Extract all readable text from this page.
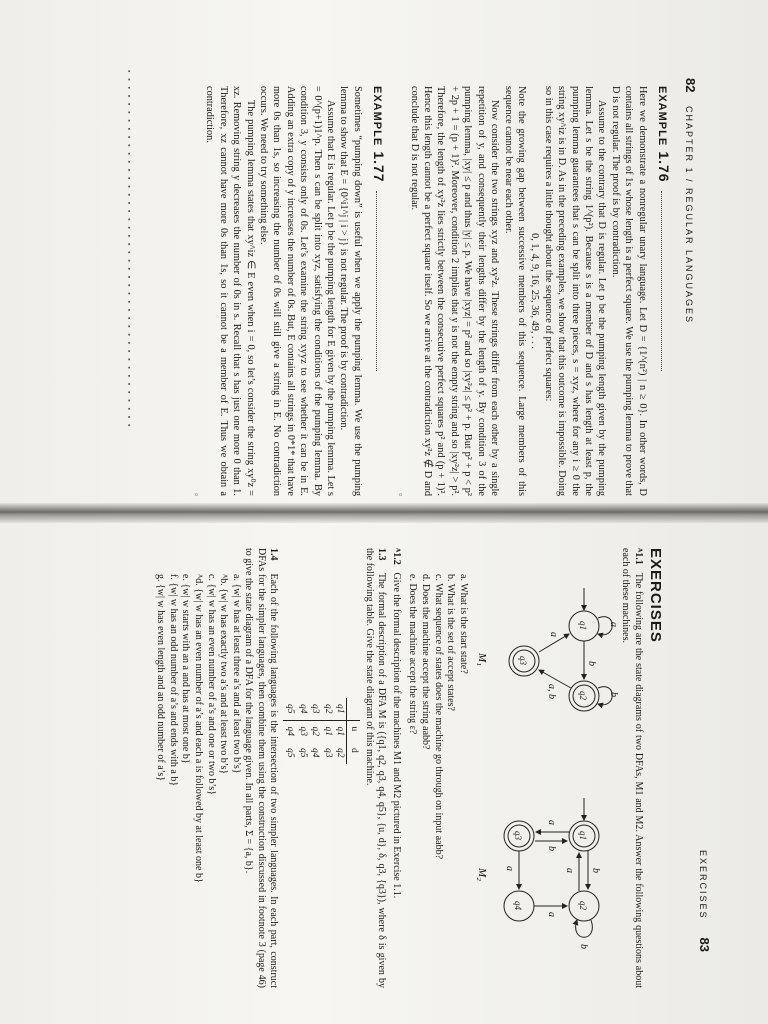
82   CHAPTER 1 / REGULAR LANGUAGES
EXAMPLE  1.76

Here we demonstrate a nonregular unary language. Let D = {1^(n²) | n ≥ 0}. In other words, D contains all strings of 1s whose length is a perfect square. We use the pumping lemma to prove that D is not regular. The proof is by contradiction.

Assume to the contrary that D is regular. Let p be the pumping length given by the pumping lemma. Let s be the string 1^(p²). Because s is a member of D and s has length at least p, the pumping lemma guarantees that s can be split into three pieces, s = xyz, where for any i ≥ 0 the string xy^iz is in D. As in the preceding examples, we show that this outcome is impossible. Doing so in this case requires a little thought about the sequence of perfect squares:

0, 1, 4, 9, 16, 25, 36, 49, . . .

Note the growing gap between successive members of this sequence. Large members of this sequence cannot be near each other.

Now consider the two strings xyz and xy²z. These strings differ from each other by a single repetition of y, and consequently their lengths differ by the length of y. By condition 3 of the pumping lemma, |xy| ≤ p and thus |y| ≤ p. We have |xyz| = p² and so |xy²z| ≤ p² + p. But p² + p < p² + 2p + 1 = (p + 1)². Moreover, condition 2 implies that y is not the empty string and so |xy²z| > p². Therefore, the length of xy²z lies strictly between the consecutive perfect squares p² and (p + 1)². Hence this length cannot be a perfect square itself. So we arrive at the contradiction xy²z ∉ D and conclude that D is not regular.

▫
EXAMPLE  1.77

Sometimes “pumping down” is useful when we apply the pumping lemma. We use the pumping lemma to show that E = {0^i1^j | i > j} is not regular. The proof is by contradiction.

Assume that E is regular. Let p be the pumping length for E given by the pumping lemma. Let s = 0^(p+1)1^p. Then s can be split into xyz, satisfying the conditions of the pumping lemma. By condition 3, y consists only of 0s. Let’s examine the string xyyz to see whether it can be in E. Adding an extra copy of y increases the number of 0s. But, E contains all strings in 0*1* that have more 0s than 1s, so increasing the number of 0s will still give a string in E. No contradiction occurs. We need to try something else.

The pumping lemma states that xy^iz ∈ E even when i = 0, so let’s consider the string xy⁰z = xz. Removing string y decreases the number of 0s in s. Recall that s has just one more 0 than 1. Therefore, xz cannot have more 0s than 1s, so it cannot be a member of E. Thus we obtain a contradiction.

▫
▪ ▪ ▪ ▪ ▪ ▪ ▪ ▪ ▪ ▪ ▪ ▪ ▪ ▪ ▪ ▪ ▪ ▪ ▪ ▪ ▪ ▪ ▪ ▪ ▪ ▪ ▪ ▪ ▪ ▪ ▪ ▪ ▪ ▪ ▪ ▪ ▪ ▪ ▪ ▪ ▪ ▪ ▪ ▪
EXERCISES    83
EXERCISES

ᴬ1.1 The following are the state diagrams of two DFAs, M1 and M2. Answer the following questions about each of these machines.

b
a, b
a
a
b
q1
q2
q3
b
a
a
b
a
a
b
q1
q2
q3
q4
M₁
M₂

a. What is the start state?

b. What is the set of accept states?

c. What sequence of states does the machine go through on input aabb?

d. Does the machine accept the string aabb?

e. Does the machine accept the string ε?

ᴬ1.2 Give the formal description of the machines M1 and M2 pictured in Exercise 1.1.

1.3 The formal description of a DFA M is ({q1, q2, q3, q4, q5}, {u, d}, δ, q3, {q3}), where δ is given by the following table. Give the state diagram of this machine.

	u	d
q1	q1	q2
q2	q1	q3
q3	q2	q4
q4	q3	q5
q5	q4	q5

1.4 Each of the following languages is the intersection of two simpler languages. In each part, construct DFAs for the simpler languages, then combine them using the construction discussed in footnote 3 (page 46) to give the state diagram of a DFA for the language given. In all parts, Σ = {a, b}.

a. {w| w has at least three a’s and at least two b’s}

ᴬb. {w| w has exactly two a’s and at least two b’s}

c. {w| w has an even number of a’s and one or two b’s}

ᴬd. {w| w has an even number of a’s and each a is followed by at least one b}

e. {w| w starts with an a and has at most one b}

f. {w| w has an odd number of a’s and ends with a b}

g. {w| w has even length and an odd number of a’s}
